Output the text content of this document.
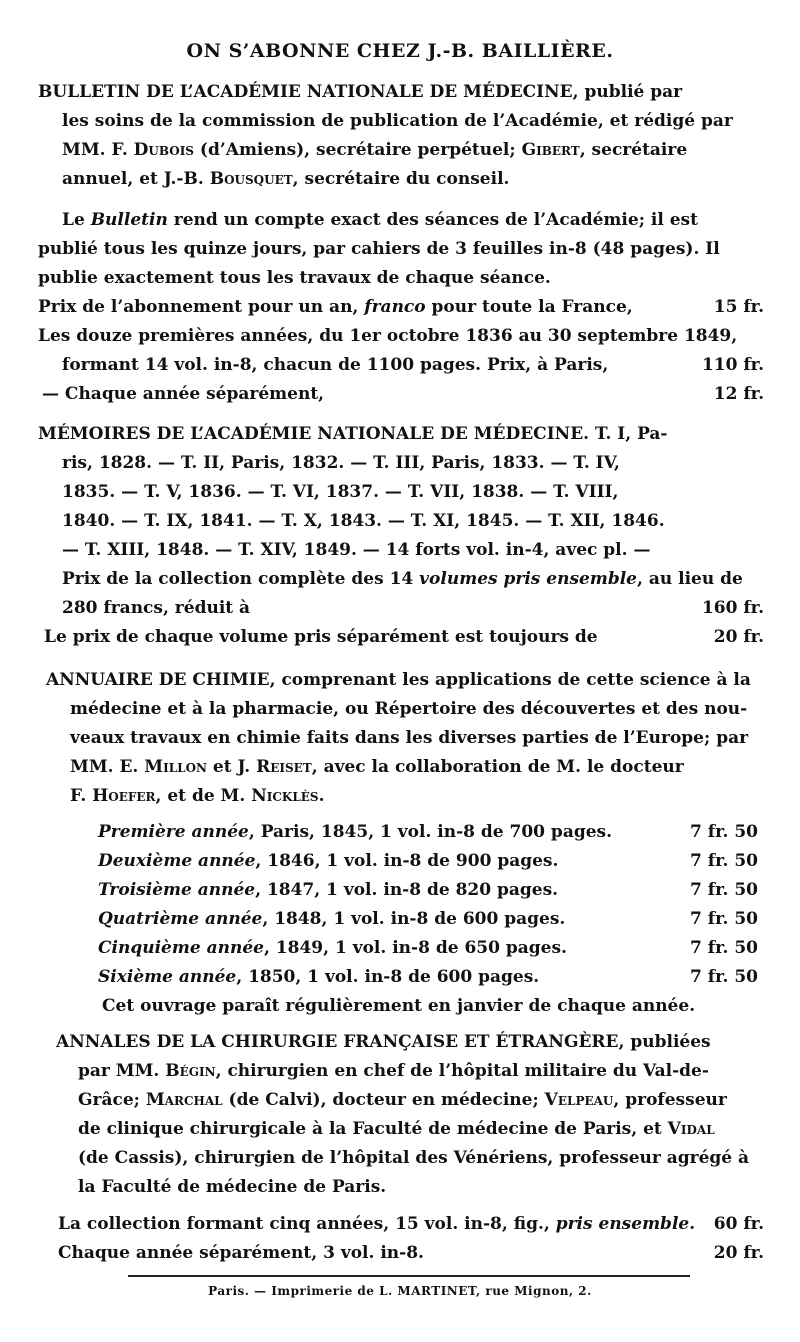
ON S’ABONNE CHEZ J.-B. BAILLIÈRE.

BULLETIN DE L’ACADÉMIE NATIONALE DE MÉDECINE, publié par

les soins de la commission de publication de l’Académie, et rédigé par

MM. F. Dubois (d’Amiens), secrétaire perpétuel; Gibert, secrétaire

annuel, et J.-B. Bousquet, secrétaire du conseil.

Le Bulletin rend un compte exact des séances de l’Académie; il est

publié tous les quinze jours, par cahiers de 3 feuilles in-8 (48 pages). Il

publie exactement tous les travaux de chaque séance.

Prix de l’abonnement pour un an, franco pour toute la France,	15 fr.

Les douze premières années, du 1er octobre 1836 au 30 septembre 1849,

formant 14 vol. in-8, chacun de 1100 pages. Prix, à Paris,	110 fr.

— Chaque année séparément,	12 fr.

MÉMOIRES DE L’ACADÉMIE NATIONALE DE MÉDECINE. T. I, Pa-

ris, 1828. — T. II, Paris, 1832. — T. III, Paris, 1833. — T. IV,

1835. — T. V, 1836. — T. VI, 1837. — T. VII, 1838. — T. VIII,

1840. — T. IX, 1841. — T. X, 1843. — T. XI, 1845. — T. XII, 1846.

— T. XIII, 1848. — T. XIV, 1849. — 14 forts vol. in-4, avec pl. —

Prix de la collection complète des 14 volumes pris ensemble, au lieu de

280 francs, réduit à	160 fr.

Le prix de chaque volume pris séparément est toujours de	20 fr.

ANNUAIRE DE CHIMIE, comprenant les applications de cette science à la

médecine et à la pharmacie, ou Répertoire des découvertes et des nou-

veaux travaux en chimie faits dans les diverses parties de l’Europe; par

MM. E. Millon et J. Reiset, avec la collaboration de M. le docteur

F. Hoefer, et de M. Nicklès.

Première année, Paris, 1845, 1 vol. in-8 de 700 pages.	7 fr. 50

Deuxième année, 1846, 1 vol. in-8 de 900 pages.	7 fr. 50

Troisième année, 1847, 1 vol. in-8 de 820 pages.	7 fr. 50

Quatrième année, 1848, 1 vol. in-8 de 600 pages.	7 fr. 50

Cinquième année, 1849, 1 vol. in-8 de 650 pages.	7 fr. 50

Sixième année, 1850, 1 vol. in-8 de 600 pages.	7 fr. 50

Cet ouvrage paraît régulièrement en janvier de chaque année.

ANNALES DE LA CHIRURGIE FRANÇAISE ET ÉTRANGÈRE, publiées

par MM. Bégin, chirurgien en chef de l’hôpital militaire du Val-de-

Grâce; Marchal (de Calvi), docteur en médecine; Velpeau, professeur

de clinique chirurgicale à la Faculté de médecine de Paris, et Vidal

(de Cassis), chirurgien de l’hôpital des Vénériens, professeur agrégé à

la Faculté de médecine de Paris.

La collection formant cinq années, 15 vol. in-8, fig., pris ensemble. 60 fr.

Chaque année séparément, 3 vol. in-8.	20 fr.

Paris. — Imprimerie de L. MARTINET, rue Mignon, 2.
